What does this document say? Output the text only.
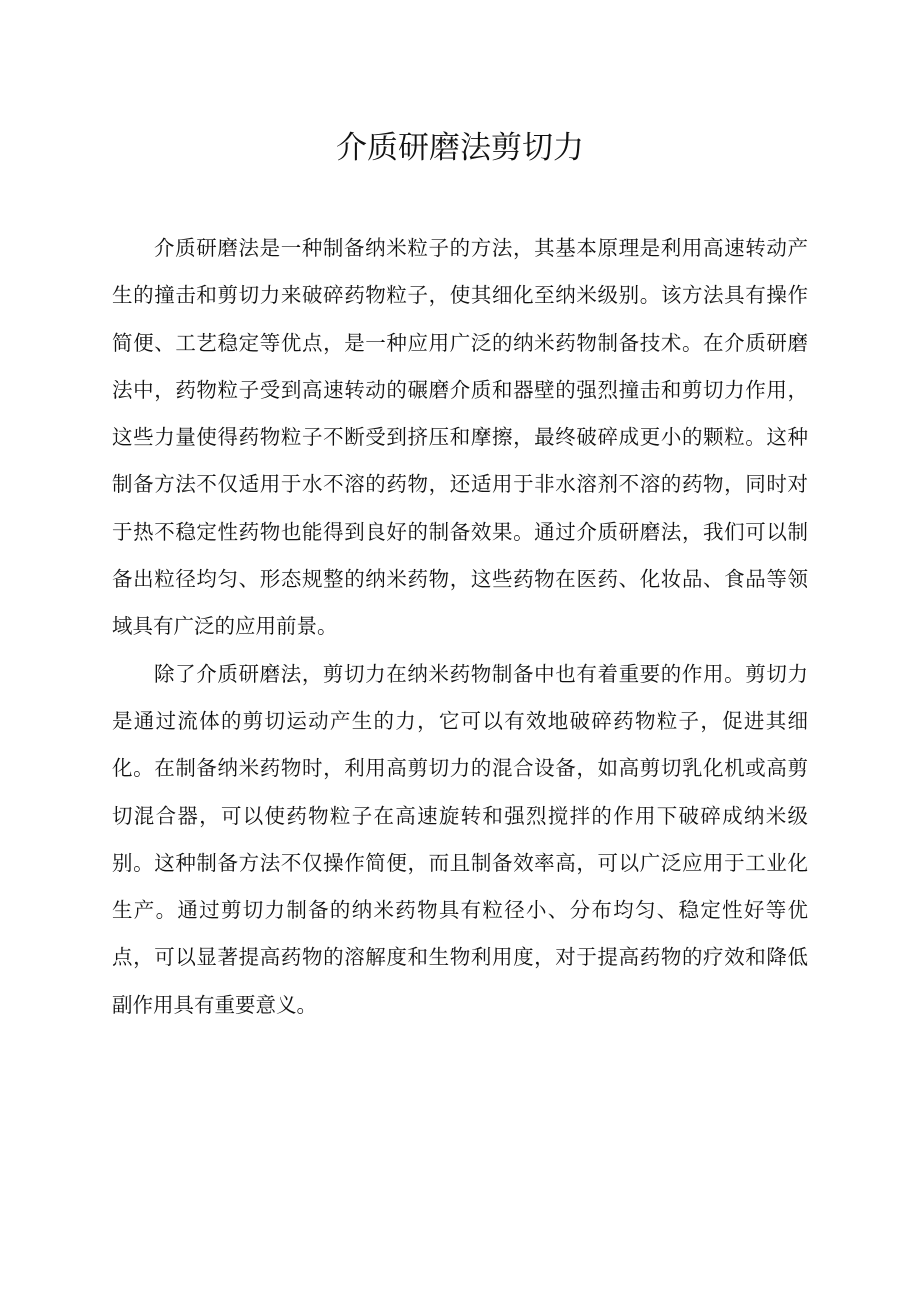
介质研磨法剪切力

介质研磨法是一种制备纳米粒子的方法，其基本原理是利用高速转动产生的撞击和剪切力来破碎药物粒子，使其细化至纳米级别。该方法具有操作简便、工艺稳定等优点，是一种应用广泛的纳米药物制备技术。在介质研磨法中，药物粒子受到高速转动的碾磨介质和器壁的强烈撞击和剪切力作用，这些力量使得药物粒子不断受到挤压和摩擦，最终破碎成更小的颗粒。这种制备方法不仅适用于水不溶的药物，还适用于非水溶剂不溶的药物，同时对于热不稳定性药物也能得到良好的制备效果。通过介质研磨法，我们可以制备出粒径均匀、形态规整的纳米药物，这些药物在医药、化妆品、食品等领域具有广泛的应用前景。

除了介质研磨法，剪切力在纳米药物制备中也有着重要的作用。剪切力是通过流体的剪切运动产生的力，它可以有效地破碎药物粒子，促进其细化。在制备纳米药物时，利用高剪切力的混合设备，如高剪切乳化机或高剪切混合器，可以使药物粒子在高速旋转和强烈搅拌的作用下破碎成纳米级别。这种制备方法不仅操作简便，而且制备效率高，可以广泛应用于工业化生产。通过剪切力制备的纳米药物具有粒径小、分布均匀、稳定性好等优点，可以显著提高药物的溶解度和生物利用度，对于提高药物的疗效和降低副作用具有重要意义。
